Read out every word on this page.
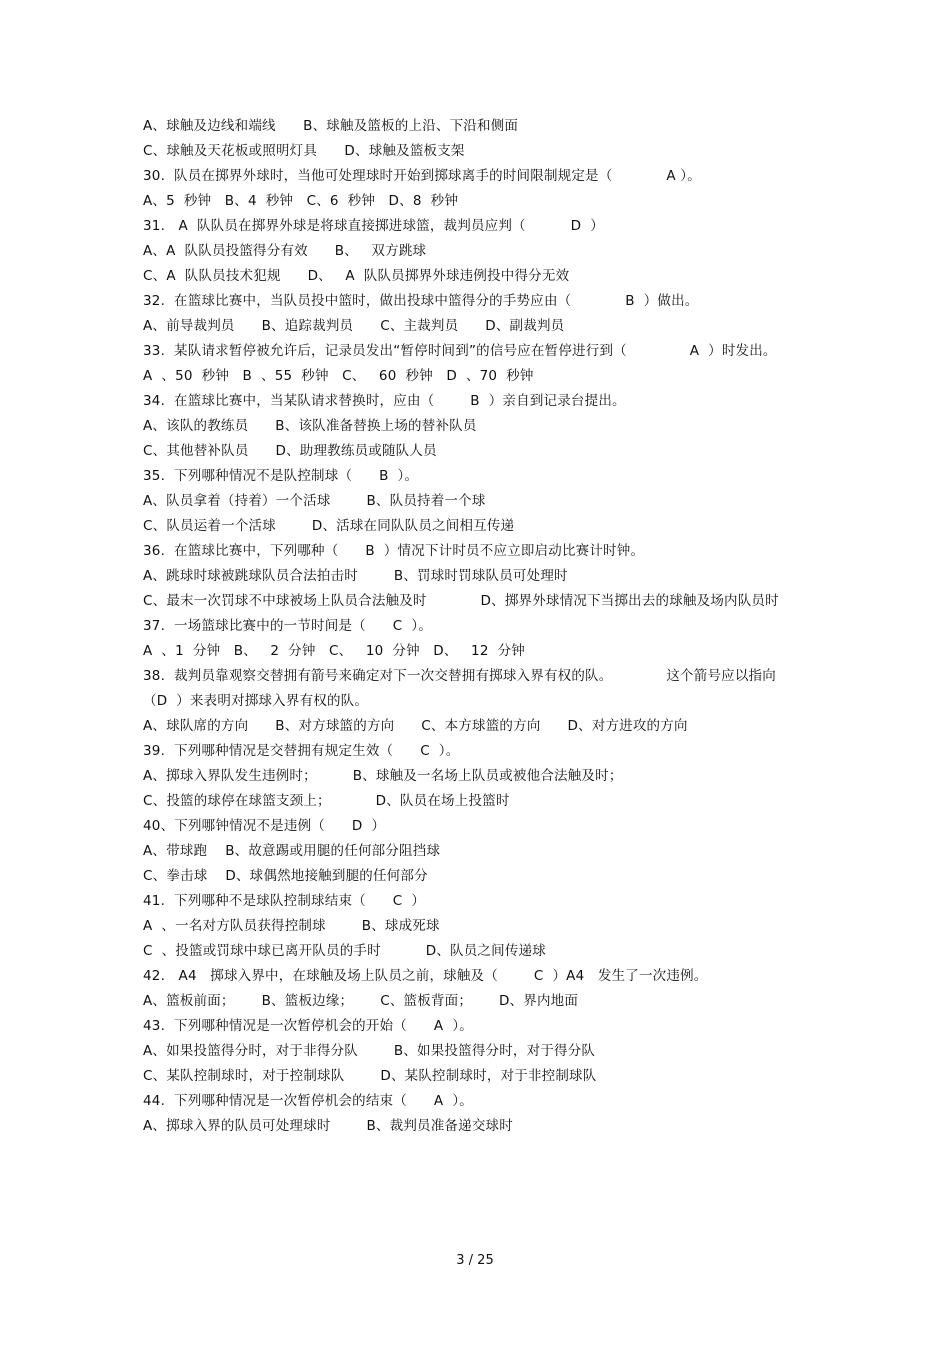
A、球触及边线和端线　　B、球触及篮板的上沿、下沿和侧面
C、球触及天花板或照明灯具　　D、球触及篮板支架
30.  队员在掷界外球时，当他可处理球时开始到掷球离手的时间限制规定是（            A ）。
A、5  秒钟   B、4  秒钟   C、6  秒钟   D、8  秒钟
31.   A  队队员在掷界外球是将球直接掷进球篮，裁判员应判（          D  ）
A、A  队队员投篮得分有效      B、   双方跳球
C、A  队队员技术犯规      D、   A  队队员掷界外球违例投中得分无效
32.  在篮球比赛中，当队员投中篮时，做出投球中篮得分的手势应由（            B  ）做出。
A、前导裁判员      B、追踪裁判员      C、主裁判员      D、副裁判员
33.  某队请求暂停被允许后，记录员发出“暂停时间到”的信号应在暂停进行到（              A  ）时发出。
A  、50  秒钟   B  、55  秒钟   C、   60  秒钟   D  、70  秒钟
34.  在篮球比赛中，当某队请求替换时，应由（        B  ）亲自到记录台提出。
A、该队的教练员      B、该队准备替换上场的替补队员
C、其他替补队员      D、助理教练员或随队人员
35.  下列哪种情况不是队控制球（      B  ）。
A、队员拿着（持着）一个活球        B、队员持着一个球
C、队员运着一个活球        D、活球在同队队员之间相互传递
36.  在篮球比赛中，下列哪种（      B  ）情况下计时员不应立即启动比赛计时钟。
A、跳球时球被跳球队员合法拍击时        B、罚球时罚球队员可处理时
C、最末一次罚球不中球被场上队员合法触及时            D、掷界外球情况下当掷出去的球触及场内队员时
37.  一场篮球比赛中的一节时间是（      C  ）。
A  、1  分钟   B、   2  分钟   C、   10  分钟   D、   12  分钟
38.  裁判员靠观察交替拥有箭号来确定对下一次交替拥有掷球入界有权的队。            这个箭号应以指向
（D  ）来表明对掷球入界有权的队。
A、球队席的方向      B、对方球篮的方向      C、本方球篮的方向      D、对方进攻的方向
39.  下列哪种情况是交替拥有规定生效（      C  ）。
A、掷球入界队发生违例时；        B、球触及一名场上队员或被他合法触及时；
C、投篮的球停在球篮支颈上；          D、队员在场上投篮时
40、下列哪钟情况不是违例（      D  ）
A、带球跑    B、故意踢或用腿的任何部分阻挡球
C、拳击球    D、球偶然地接触到腿的任何部分
41.  下列哪种不是球队控制球结束（      C  ）
A  、一名对方队员获得控制球        B、球成死球
C  、投篮或罚球中球已离开队员的手时          D、队员之间传递球
42.   A4   掷球入界中，在球触及场上队员之前，球触及（        C  ）A4   发生了一次违例。
A、篮板前面；      B、篮板边缘；      C、篮板背面；      D、界内地面
43.  下列哪种情况是一次暂停机会的开始（      A  ）。
A、如果投篮得分时，对于非得分队        B、如果投篮得分时，对于得分队
C、某队控制球时，对于控制球队        D、某队控制球时，对于非控制球队
44.  下列哪种情况是一次暂停机会的结束（      A  ）。
A、掷球入界的队员可处理球时        B、裁判员准备递交球时
3 / 25
